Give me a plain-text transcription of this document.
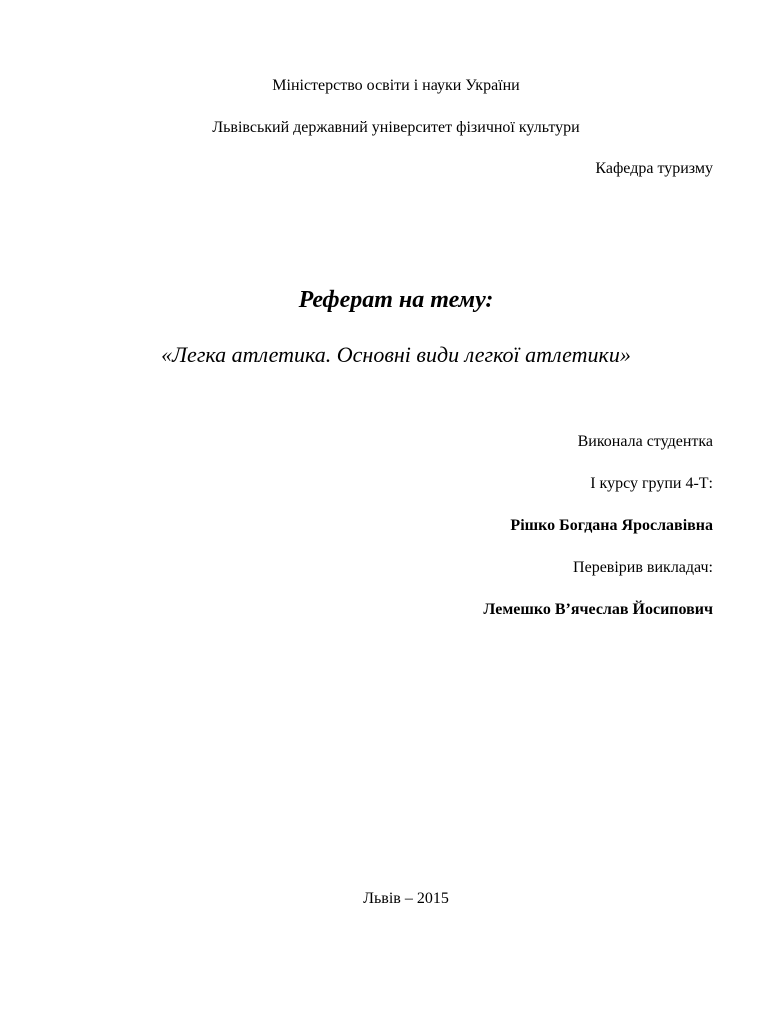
Міністерство освіти і науки України
Львівський державний університет фізичної культури
Кафедра туризму
Реферат на тему:
«Легка атлетика. Основні види легкої атлетики»
Виконала студентка
І курсу групи 4-Т:
Рішко Богдана Ярославівна
Перевірив викладач:
Лемешко В’ячеслав Йосипович
Львів – 2015
